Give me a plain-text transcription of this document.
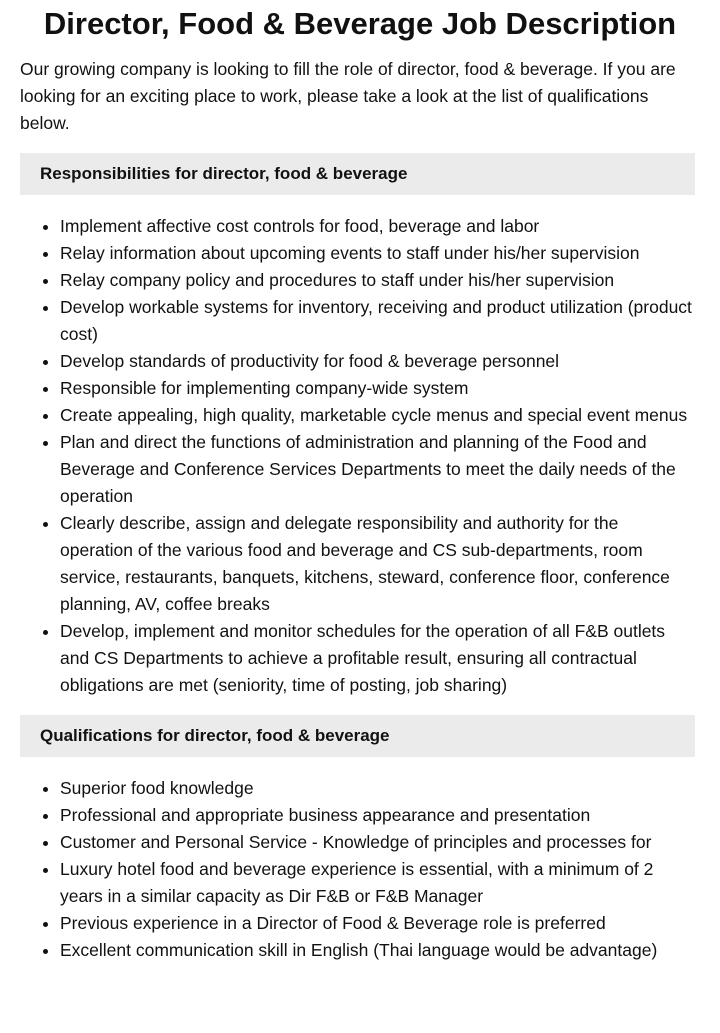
Director, Food & Beverage Job Description

Our growing company is looking to fill the role of director, food & beverage. If you are looking for an exciting place to work, please take a look at the list of qualifications below.

Responsibilities for director, food & beverage
• Implement affective cost controls for food, beverage and labor
• Relay information about upcoming events to staff under his/her supervision
• Relay company policy and procedures to staff under his/her supervision
• Develop workable systems for inventory, receiving and product utilization (product cost)
• Develop standards of productivity for food & beverage personnel
• Responsible for implementing company-wide system
• Create appealing, high quality, marketable cycle menus and special event menus
• Plan and direct the functions of administration and planning of the Food and Beverage and Conference Services Departments to meet the daily needs of the operation
• Clearly describe, assign and delegate responsibility and authority for the operation of the various food and beverage and CS sub-departments, room service, restaurants, banquets, kitchens, steward, conference floor, conference planning, AV, coffee breaks
• Develop, implement and monitor schedules for the operation of all F&B outlets and CS Departments to achieve a profitable result, ensuring all contractual obligations are met (seniority, time of posting, job sharing)
Qualifications for director, food & beverage
• Superior food knowledge
• Professional and appropriate business appearance and presentation
• Customer and Personal Service - Knowledge of principles and processes for
• Luxury hotel food and beverage experience is essential, with a minimum of 2 years in a similar capacity as Dir F&B or F&B Manager
• Previous experience in a Director of Food & Beverage role is preferred
• Excellent communication skill in English (Thai language would be advantage)
